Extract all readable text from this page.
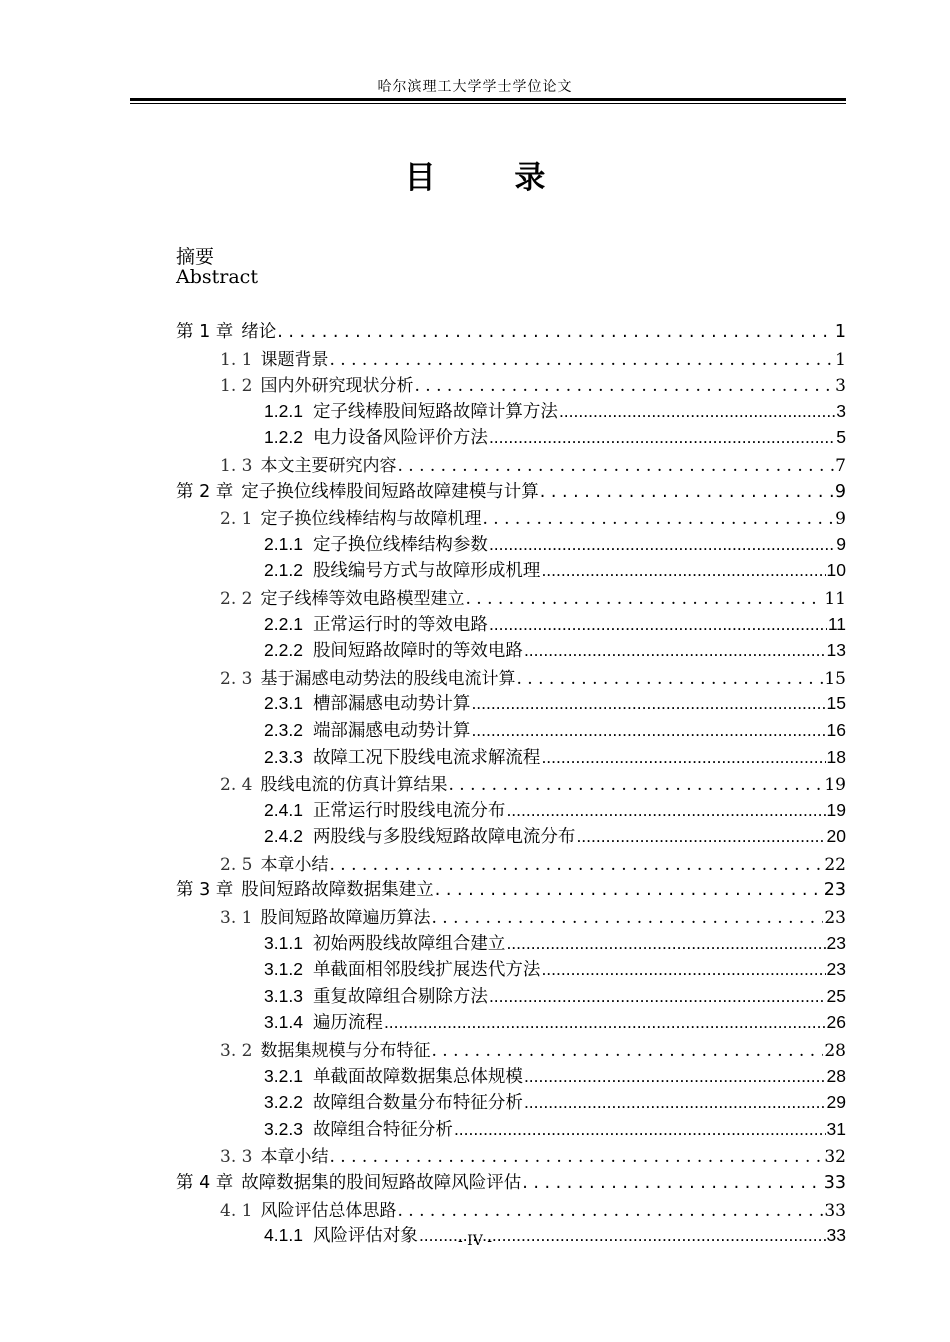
哈尔滨理工大学学士学位论文
目 录
摘要
Abstract
第 1 章 绪论 . . .	1
1. 1 课题背景 . . .	1
1. 2 国内外研究现状分析 . . .	3
1.2.1 定子线棒股间短路故障计算方法 .....	3
1.2.2 电力设备风险评价方法 .....	5
1. 3 本文主要研究内容 . . .	7
第 2 章 定子换位线棒股间短路故障建模与计算 . . .	9
2. 1 定子换位线棒结构与故障机理 . . .	9
2.1.1 定子换位线棒结构参数 .....	9
2.1.2 股线编号方式与故障形成机理 .....	10
2. 2 定子线棒等效电路模型建立 . . .	11
2.2.1 正常运行时的等效电路 .....	11
2.2.2 股间短路故障时的等效电路 .....	13
2. 3 基于漏感电动势法的股线电流计算 . . .	15
2.3.1 槽部漏感电动势计算 .....	15
2.3.2 端部漏感电动势计算 .....	16
2.3.3 故障工况下股线电流求解流程 .....	18
2. 4 股线电流的仿真计算结果 . . .	19
2.4.1 正常运行时股线电流分布 .....	19
2.4.2 两股线与多股线短路故障电流分布 .....	20
2. 5 本章小结 . . .	22
第 3 章 股间短路故障数据集建立 . . .	23
3. 1 股间短路故障遍历算法 . . .	23
3.1.1 初始两股线故障组合建立 .....	23
3.1.2 单截面相邻股线扩展迭代方法 .....	23
3.1.3 重复故障组合剔除方法 .....	25
3.1.4 遍历流程 .....	26
3. 2 数据集规模与分布特征 . . .	28
3.2.1 单截面故障数据集总体规模 .....	28
3.2.2 故障组合数量分布特征分析 .....	29
3.2.3 故障组合特征分析 .....	31
3. 3 本章小结 . . .	32
第 4 章 故障数据集的股间短路故障风险评估 . . .	33
4. 1 风险评估总体思路 . . .	33
4.1.1 风险评估对象 .....	33
- IV -
